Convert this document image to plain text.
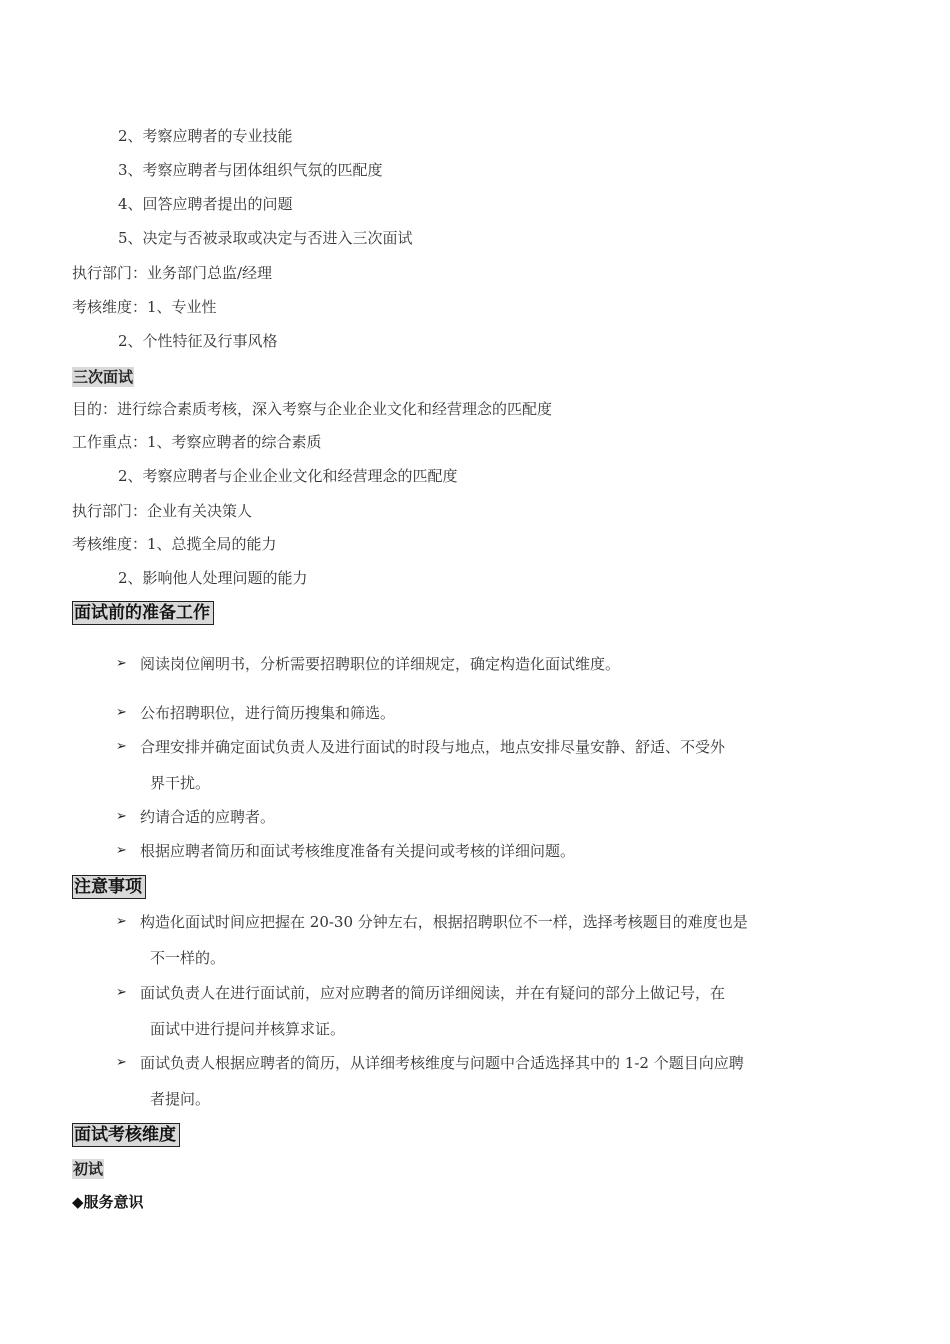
2、考察应聘者的专业技能
3、考察应聘者与团体组织气氛的匹配度
4、回答应聘者提出的问题
5、决定与否被录取或决定与否进入三次面试
执行部门：业务部门总监/经理
考核维度：1、专业性
2、个性特征及行事风格
三次面试
目的：进行综合素质考核，深入考察与企业企业文化和经营理念的匹配度
工作重点：1、考察应聘者的综合素质
2、考察应聘者与企业企业文化和经营理念的匹配度
执行部门：企业有关决策人
考核维度：1、总揽全局的能力
2、影响他人处理问题的能力
面试前的准备工作
➢ 阅读岗位阐明书，分析需要招聘职位的详细规定，确定构造化面试维度。
➢ 公布招聘职位，进行简历搜集和筛选。
➢ 合理安排并确定面试负责人及进行面试的时段与地点，地点安排尽量安静、舒适、不受外
界干扰。
➢ 约请合适的应聘者。
➢ 根据应聘者简历和面试考核维度准备有关提问或考核的详细问题。
注意事项
➢ 构造化面试时间应把握在 20-30 分钟左右，根据招聘职位不一样，选择考核题目的难度也是
不一样的。
➢ 面试负责人在进行面试前，应对应聘者的简历详细阅读，并在有疑问的部分上做记号，在
面试中进行提问并核算求证。
➢ 面试负责人根据应聘者的简历，从详细考核维度与问题中合适选择其中的 1-2 个题目向应聘
者提问。
面试考核维度
初试
◆服务意识
